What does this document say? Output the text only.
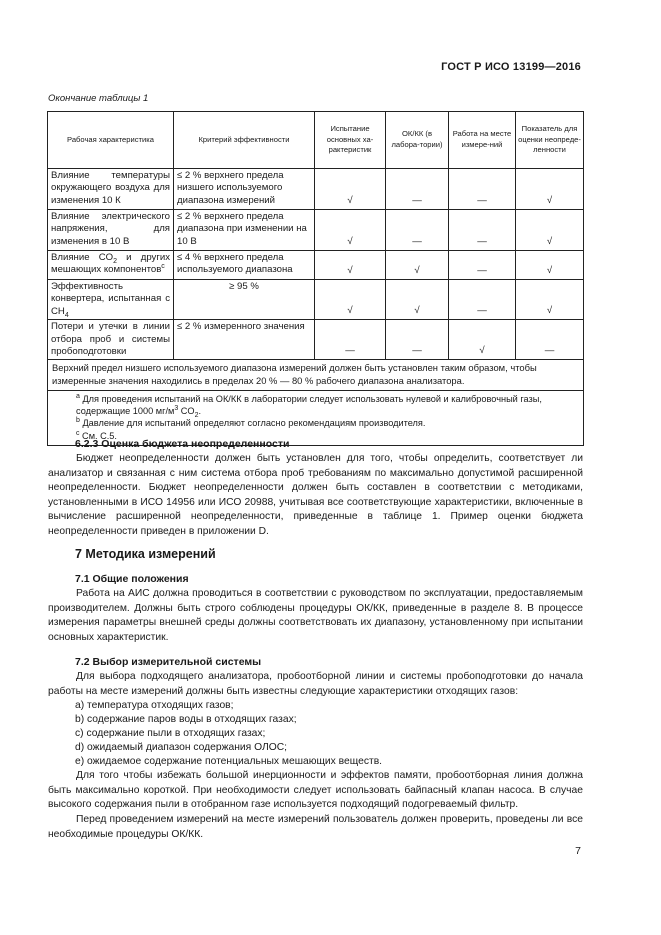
ГОСТ Р ИСО 13199—2016
Окончание таблицы 1
Рабочая характеристика	Критерий эффективности	Испытание основных ха-рактеристик	ОК/КК (в лабора-тории)	Работа на месте измере-ний	Показатель для оценки неопреде-ленности
Влияние температуры окружающего воздуха для изменения 10 К	≤ 2 % верхнего предела низшего используемого диапазона измерений	√	—	—	√
Влияние электрического напряжения, для изменения в 10 В	≤ 2 % верхнего предела диапазона при изменении на 10 В	√	—	—	√
Влияние $CO_2$ и других мешающих компонентов$^c$	≤ 4 % верхнего предела используемого диапазона	√	√	—	√
Эффективность конвертера, испытанная с $CH_4$	≥ 95 %	√	√	—	√
Потери и утечки в линии отбора проб и системы пробоподготовки	≤ 2 % измеренного значения	—	—	√	—
Верхний предел низшего используемого диапазона измерений должен быть установлен таким образом, чтобы измеренные значения находились в пределах 20 % — 80 % рабочего диапазона анализатора.					

$^a$ Для проведения испытаний на ОК/КК в лаборатории следует использовать нулевой и калибровочный газы, содержащие 1000 $мг/м^3$ $CO_2$.

$^b$ Давление для испытаний определяют согласно рекомендациям производителя.

$^c$ См. С.5.					

6.2.3 Оценка бюджета неопределенности
Бюджет неопределенности должен быть установлен для того, чтобы определить, соответствует ли анализатор и связанная с ним система отбора проб требованиям по максимально допустимой расширенной неопределенности. Бюджет неопределенности должен быть составлен в соответствии с методиками, установленными в ИСО 14956 или ИСО 20988, учитывая все соответствующие характеристики, включенные в вычисление расширенной неопределенности, приведенные в таблице 1. Пример оценки бюджета неопределенности приведен в приложении D.
7 Методика измерений
7.1 Общие положения
Работа на АИС должна проводиться в соответствии с руководством по эксплуатации, предоставляемым производителем. Должны быть строго соблюдены процедуры ОК/КК, приведенные в разделе 8. В процессе измерения параметры внешней среды должны соответствовать их диапазону, установленному при испытании основных характеристик.
7.2 Выбор измерительной системы
Для выбора подходящего анализатора, пробоотборной линии и системы пробоподготовки до начала работы на месте измерений должны быть известны следующие характеристики отходящих газов:
a) температура отходящих газов;
b) содержание паров воды в отходящих газах;
c) содержание пыли в отходящих газах;
d) ожидаемый диапазон содержания ОЛОС;
e) ожидаемое содержание потенциальных мешающих веществ.
Для того чтобы избежать большой инерционности и эффектов памяти, пробоотборная линия должна быть максимально короткой. При необходимости следует использовать байпасный клапан насоса. В случае высокого содержания пыли в отобранном газе используется подходящий подогреваемый фильтр.
Перед проведением измерений на месте измерений пользователь должен проверить, проведены ли все необходимые процедуры ОК/КК.
7
